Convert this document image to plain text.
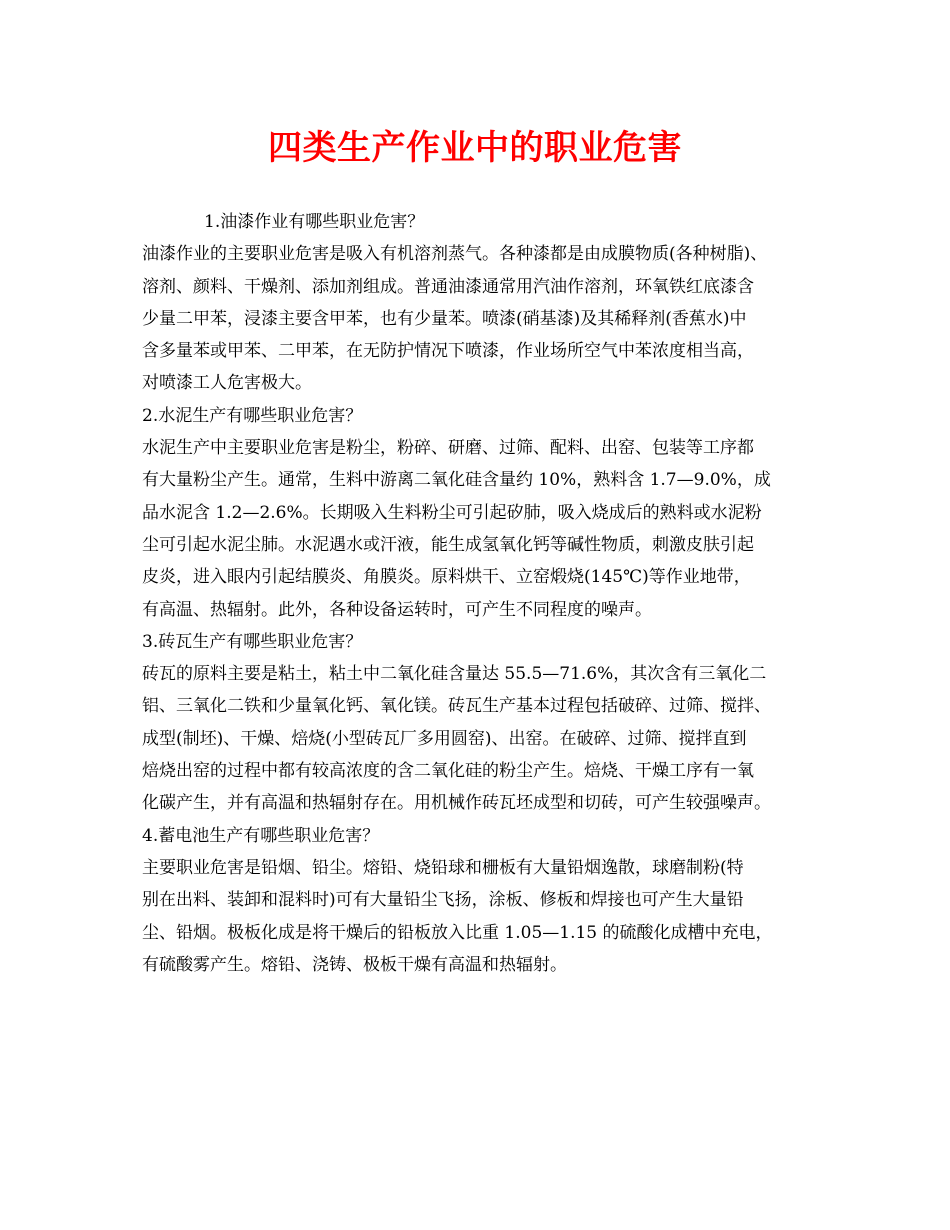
四类生产作业中的职业危害

1.油漆作业有哪些职业危害？

油漆作业的主要职业危害是吸入有机溶剂蒸气。各种漆都是由成膜物质(各种树脂)、
溶剂、颜料、干燥剂、添加剂组成。普通油漆通常用汽油作溶剂，环氧铁红底漆含
少量二甲苯，浸漆主要含甲苯，也有少量苯。喷漆(硝基漆)及其稀释剂(香蕉水)中
含多量苯或甲苯、二甲苯，在无防护情况下喷漆，作业场所空气中苯浓度相当高，
对喷漆工人危害极大。

2.水泥生产有哪些职业危害？

水泥生产中主要职业危害是粉尘，粉碎、研磨、过筛、配料、出窑、包装等工序都
有大量粉尘产生。通常，生料中游离二氧化硅含量约 10%，熟料含 1.7—9.0%，成
品水泥含 1.2—2.6%。长期吸入生料粉尘可引起矽肺，吸入烧成后的熟料或水泥粉
尘可引起水泥尘肺。水泥遇水或汗液，能生成氢氧化钙等碱性物质，刺激皮肤引起
皮炎，进入眼内引起结膜炎、角膜炎。原料烘干、立窑煅烧(145℃)等作业地带，
有高温、热辐射。此外，各种设备运转时，可产生不同程度的噪声。

3.砖瓦生产有哪些职业危害？

砖瓦的原料主要是粘土，粘土中二氧化硅含量达 55.5—71.6%，其次含有三氧化二
铝、三氧化二铁和少量氧化钙、氧化镁。砖瓦生产基本过程包括破碎、过筛、搅拌、
成型(制坯)、干燥、焙烧(小型砖瓦厂多用圆窑)、出窑。在破碎、过筛、搅拌直到
焙烧出窑的过程中都有较高浓度的含二氧化硅的粉尘产生。焙烧、干燥工序有一氧
化碳产生，并有高温和热辐射存在。用机械作砖瓦坯成型和切砖，可产生较强噪声。

4.蓄电池生产有哪些职业危害？

主要职业危害是铅烟、铅尘。熔铅、烧铅球和栅板有大量铅烟逸散，球磨制粉(特
别在出料、装卸和混料时)可有大量铅尘飞扬，涂板、修板和焊接也可产生大量铅
尘、铅烟。极板化成是将干燥后的铅板放入比重 1.05—1.15 的硫酸化成槽中充电，
有硫酸雾产生。熔铅、浇铸、极板干燥有高温和热辐射。
